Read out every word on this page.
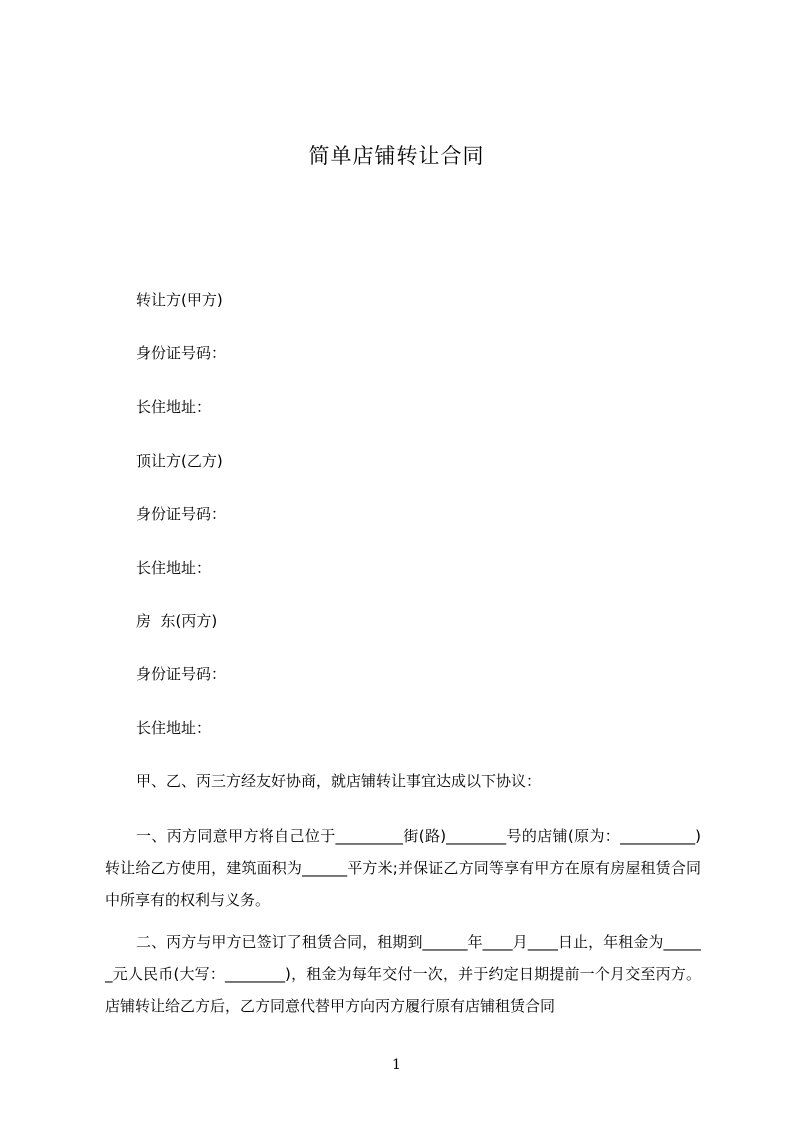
简单店铺转让合同
转让方(甲方)
身份证号码：
长住地址：
顶让方(乙方)
身份证号码：
长住地址：
房  东(丙方)
身份证号码：
长住地址：
甲、乙、丙三方经友好协商，就店铺转让事宜达成以下协议：
一、丙方同意甲方将自己位于_________街(路)________号的店铺(原为：__________)转让给乙方使用，建筑面积为______平方米;并保证乙方同等享有甲方在原有房屋租赁合同中所享有的权利与义务。
二、丙方与甲方已签订了租赁合同，租期到______年____月____日止，年租金为______元人民币(大写：________)，租金为每年交付一次，并于约定日期提前一个月交至丙方。店铺转让给乙方后，乙方同意代替甲方向丙方履行原有店铺租赁合同
1
